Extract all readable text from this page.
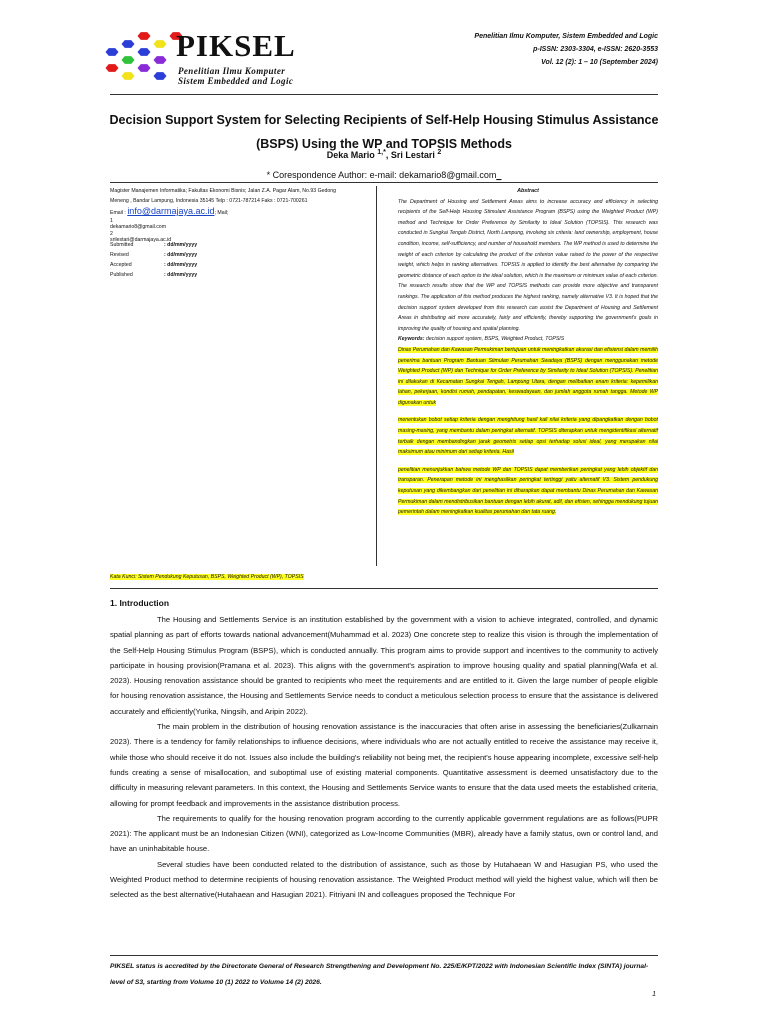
PIKSEL
Penelitian Ilmu Komputer
Sistem Embedded and Logic
Penelitian Ilmu Komputer, Sistem Embedded and Logic
p-ISSN: 2303-3304, e-ISSN: 2620-3553
Vol. 12 (2): 1 – 10 (September 2024)
Decision Support System for Selecting Recipients of Self-Help Housing Stimulus Assistance
(BSPS) Using the WP and TOPSIS Methods
Deka Mario $^{1,*}$, Sri Lestari $^2$
* Corespondence Author: e-mail: dekamario8@gmail.com_
Magister Manajemen Informatika; Fakultas Ekonomi Bisnis; Jalan Z.A. Pagar Alam, No.93 Gedong
Meneng , Bandar Lampung, Indonesia 35145 Telp : 0721-787214 Faks : 0721-700261
Email : info@darmajaya.ac.id; Mail;
1
dekamario8@gmail.com
2
srilestari@darmajaya.ac.id
Submitted	: dd/mm/yyyy
Revised	: dd/mm/yyyy
Accepted	: dd/mm/yyyy
Published	: dd/mm/yyyy
Abstract
The Department of Housing and Settlement Areas aims to increase accuracy and efficiency in selecting recipients of the Self-Help Housing Stimulant Assistance Program (BSPS) using the Weighted Product (WP) method and Technique for Order Preference by Similarity to Ideal Solution (TOPSIS). This research was conducted in Sungkai Tengah District, North Lampung, involving six criteria: land ownership, employment, house condition, income, self-sufficiency, and number of household members. The WP method is used to determine the weight of each criterion by calculating the product of the criterion value raised to the power of the respective weight, which helps in ranking alternatives. TOPSIS is applied to identify the best alternative by comparing the geometric distance of each option to the ideal solution, which is the maximum or minimum value of each criterion. The research results show that the WP and TOPSIS methods can provide more objective and transparent rankings. The application of this method produces the highest ranking, namely alternative V3. It is hoped that the decision support system developed from this research can assist the Department of Housing and Settlement Areas in distributing aid more accurately, fairly and efficiently, thereby supporting the government's goals in improving the quality of housing and spatial planning.
Keywords: decision support system, BSPS, Weighted Product, TOPSIS
Dinas Perumahan dan Kawasan Permukiman bertujuan untuk meningkatkan akurasi dan efisiensi dalam memilih penerima bantuan Program Bantuan Stimulan Perumahan Swadaya (BSPS) dengan menggunakan metode Weighted Product (WP) dan Technique for Order Preference by Similarity to Ideal Solution (TOPSIS). Penelitian ini dilakukan di Kecamatan Sungkai Tengah, Lampung Utara, dengan melibatkan enam kriteria: kepemilikan lahan, pekerjaan, kondisi rumah, pendapatan, keswadayaan, dan jumlah anggota rumah tangga. Metode WP digunakan untuk
menentukan bobot setiap kriteria dengan menghitung hasil kali nilai kriteria yang dipangkatkan dengan bobot masing-masing, yang membantu dalam peringkat alternatif. TOPSIS diterapkan untuk mengidentifikasi alternatif terbaik dengan membandingkan jarak geometris setiap opsi terhadap solusi ideal, yang merupakan nilai maksimum atau minimum dari setiap kriteria. Hasil
penelitian menunjukkan bahwa metode WP dan TOPSIS dapat memberikan peringkat yang lebih objektif dan transparan. Penerapan metode ini menghasilkan peringkat tertinggi yaitu alternatif V3. Sistem pendukung keputusan yang dikembangkan dari penelitian ini diharapkan dapat membantu Dinas Perumahan dan Kawasan Permukiman dalam mendistribusikan bantuan dengan lebih akurat, adil, dan efisien, sehingga mendukung tujuan pemerintah dalam meningkatkan kualitas perumahan dan tata ruang.
Kata Kunci: Sistem Pendukung Keputusan, BSPS, Weighted Product (WP), TOPSIS
1. Introduction

The Housing and Settlements Service is an institution established by the government with a vision to achieve integrated, controlled, and dynamic spatial planning as part of efforts towards national advancement(Muhammad et al. 2023) One concrete step to realize this vision is through the implementation of the Self-Help Housing Stimulus Program (BSPS), which is conducted annually. This program aims to provide support and incentives to the community to actively participate in housing provision(Pramana et al. 2023). This aligns with the government's aspiration to improve housing quality and spatial planning(Wafa et al. 2023). Housing renovation assistance should be granted to recipients who meet the requirements and are entitled to it. Given the large number of people eligible for housing renovation assistance, the Housing and Settlements Service needs to conduct a meticulous selection process to ensure that the assistance is delivered accurately and efficiently(Yurika, Ningsih, and Aripin 2022).

The main problem in the distribution of housing renovation assistance is the inaccuracies that often arise in assessing the beneficiaries(Zulkarnain 2023). There is a tendency for family relationships to influence decisions, where individuals who are not actually entitled to receive the assistance may receive it, while those who should receive it do not. Issues also include the building's reliability not being met, the recipient's house appearing incomplete, excessive self-help funds creating a sense of misallocation, and suboptimal use of existing material components. Quantitative assessment is deemed unsatisfactory due to the difficulty in measuring relevant parameters. In this context, the Housing and Settlements Service wants to ensure that the data used meets the established criteria, allowing for prompt feedback and improvements in the assistance distribution process.

The requirements to qualify for the housing renovation program according to the currently applicable government regulations are as follows(PUPR 2021): The applicant must be an Indonesian Citizen (WNI), categorized as Low-Income Communities (MBR), already have a family status, own or control land, and have an uninhabitable house.

Several studies have been conducted related to the distribution of assistance, such as those by Hutahaean W and Hasugian PS, who used the Weighted Product method to determine recipients of housing renovation assistance. The Weighted Product method will yield the highest value, which will then be selected as the best alternative(Hutahaean and Hasugian 2021). Fitriyani IN and colleagues proposed the Technique For

PIKSEL status is accredited by the Directorate General of Research Strengthening and Development No. 225/E/KPT/2022 with Indonesian Scientific Index (SINTA) journal-level of S3, starting from Volume 10 (1) 2022 to Volume 14 (2) 2026.
1
